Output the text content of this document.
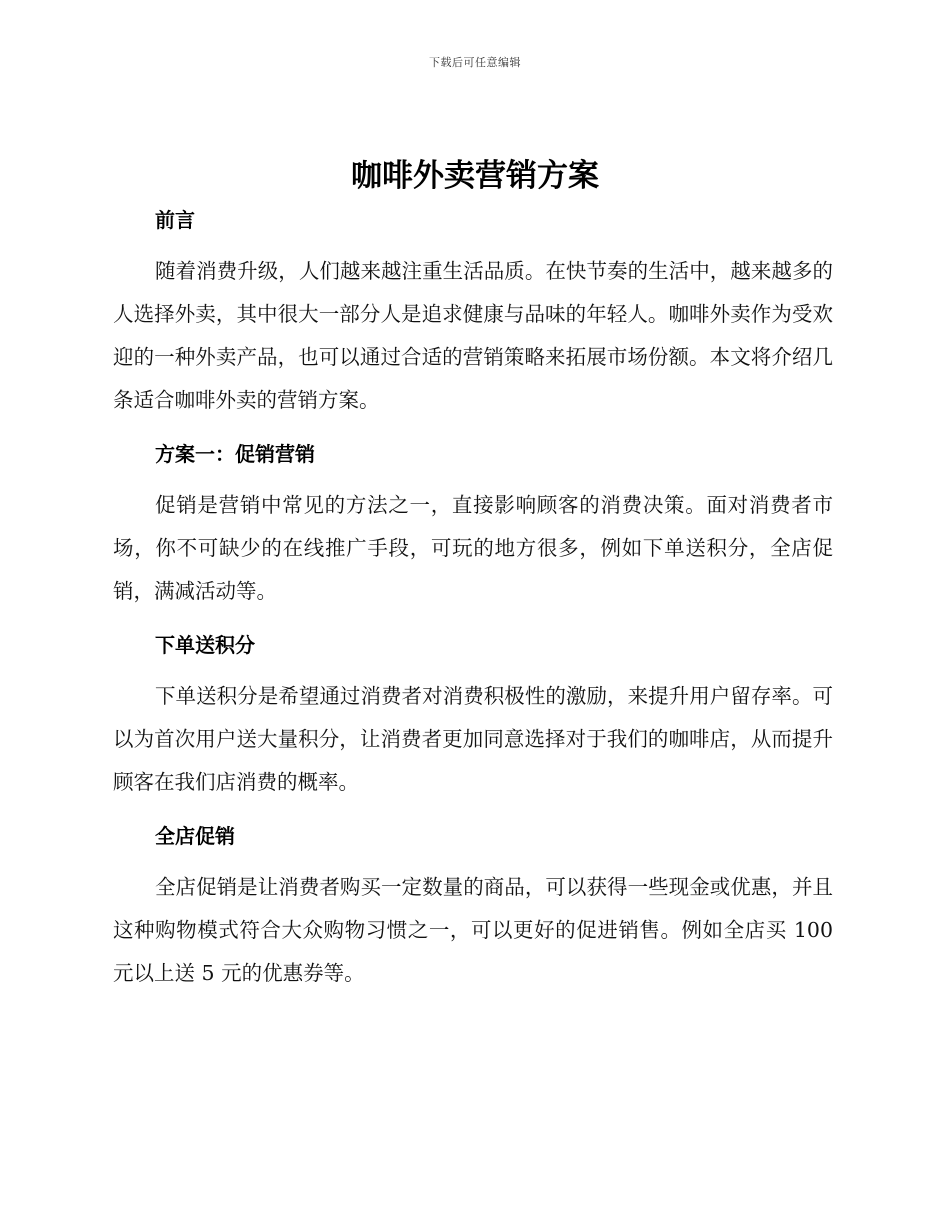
下载后可任意编辑
咖啡外卖营销方案
前言

随着消费升级，人们越来越注重生活品质。在快节奏的生活中，越来越多的人选择外卖，其中很大一部分人是追求健康与品味的年轻人。咖啡外卖作为受欢迎的一种外卖产品，也可以通过合适的营销策略来拓展市场份额。本文将介绍几条适合咖啡外卖的营销方案。

方案一：促销营销

促销是营销中常见的方法之一，直接影响顾客的消费决策。面对消费者市场，你不可缺少的在线推广手段，可玩的地方很多，例如下单送积分，全店促销，满减活动等。

下单送积分

下单送积分是希望通过消费者对消费积极性的激励，来提升用户留存率。可以为首次用户送大量积分，让消费者更加同意选择对于我们的咖啡店，从而提升顾客在我们店消费的概率。

全店促销

全店促销是让消费者购买一定数量的商品，可以获得一些现金或优惠，并且这种购物模式符合大众购物习惯之一，可以更好的促进销售。例如全店买 100 元以上送 5 元的优惠券等。
